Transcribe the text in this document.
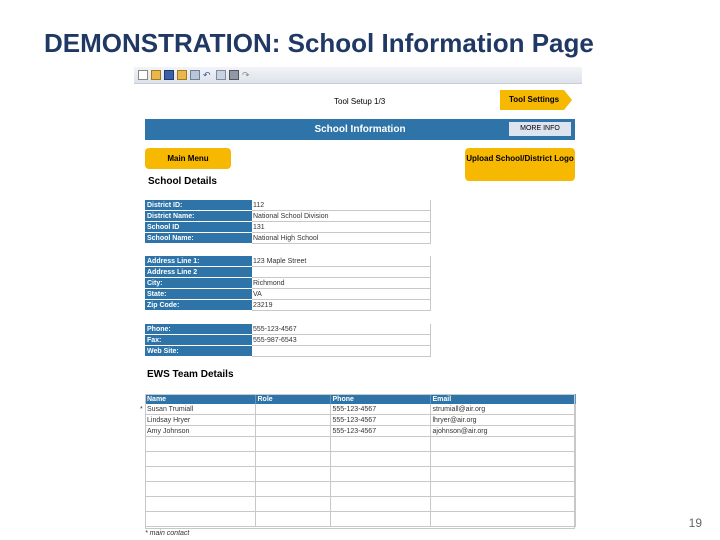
DEMONSTRATION: School Information Page
↶	↷
Tool Setup 1/3	Tool Settings
School Information	MORE INFO
Main Menu	Upload School/District Logo
School Details
District ID:	112
District Name:	National School Division
School ID	131
School Name:	National High School
Address Line 1:	123 Maple Street
Address Line 2
City:	Richmond
State:	VA
Zip Code:	23219
Phone:	555-123-4567
Fax:	555-987-6543
Web Site:
EWS Team Details
Name	Role	Phone	Email
Susan Trumiall		555-123-4567	strumiall@air.org
Lindsay Hryer		555-123-4567	lhryer@air.org
Amy Johnson		555-123-4567	ajohnson@air.org

*
* main contact
19
